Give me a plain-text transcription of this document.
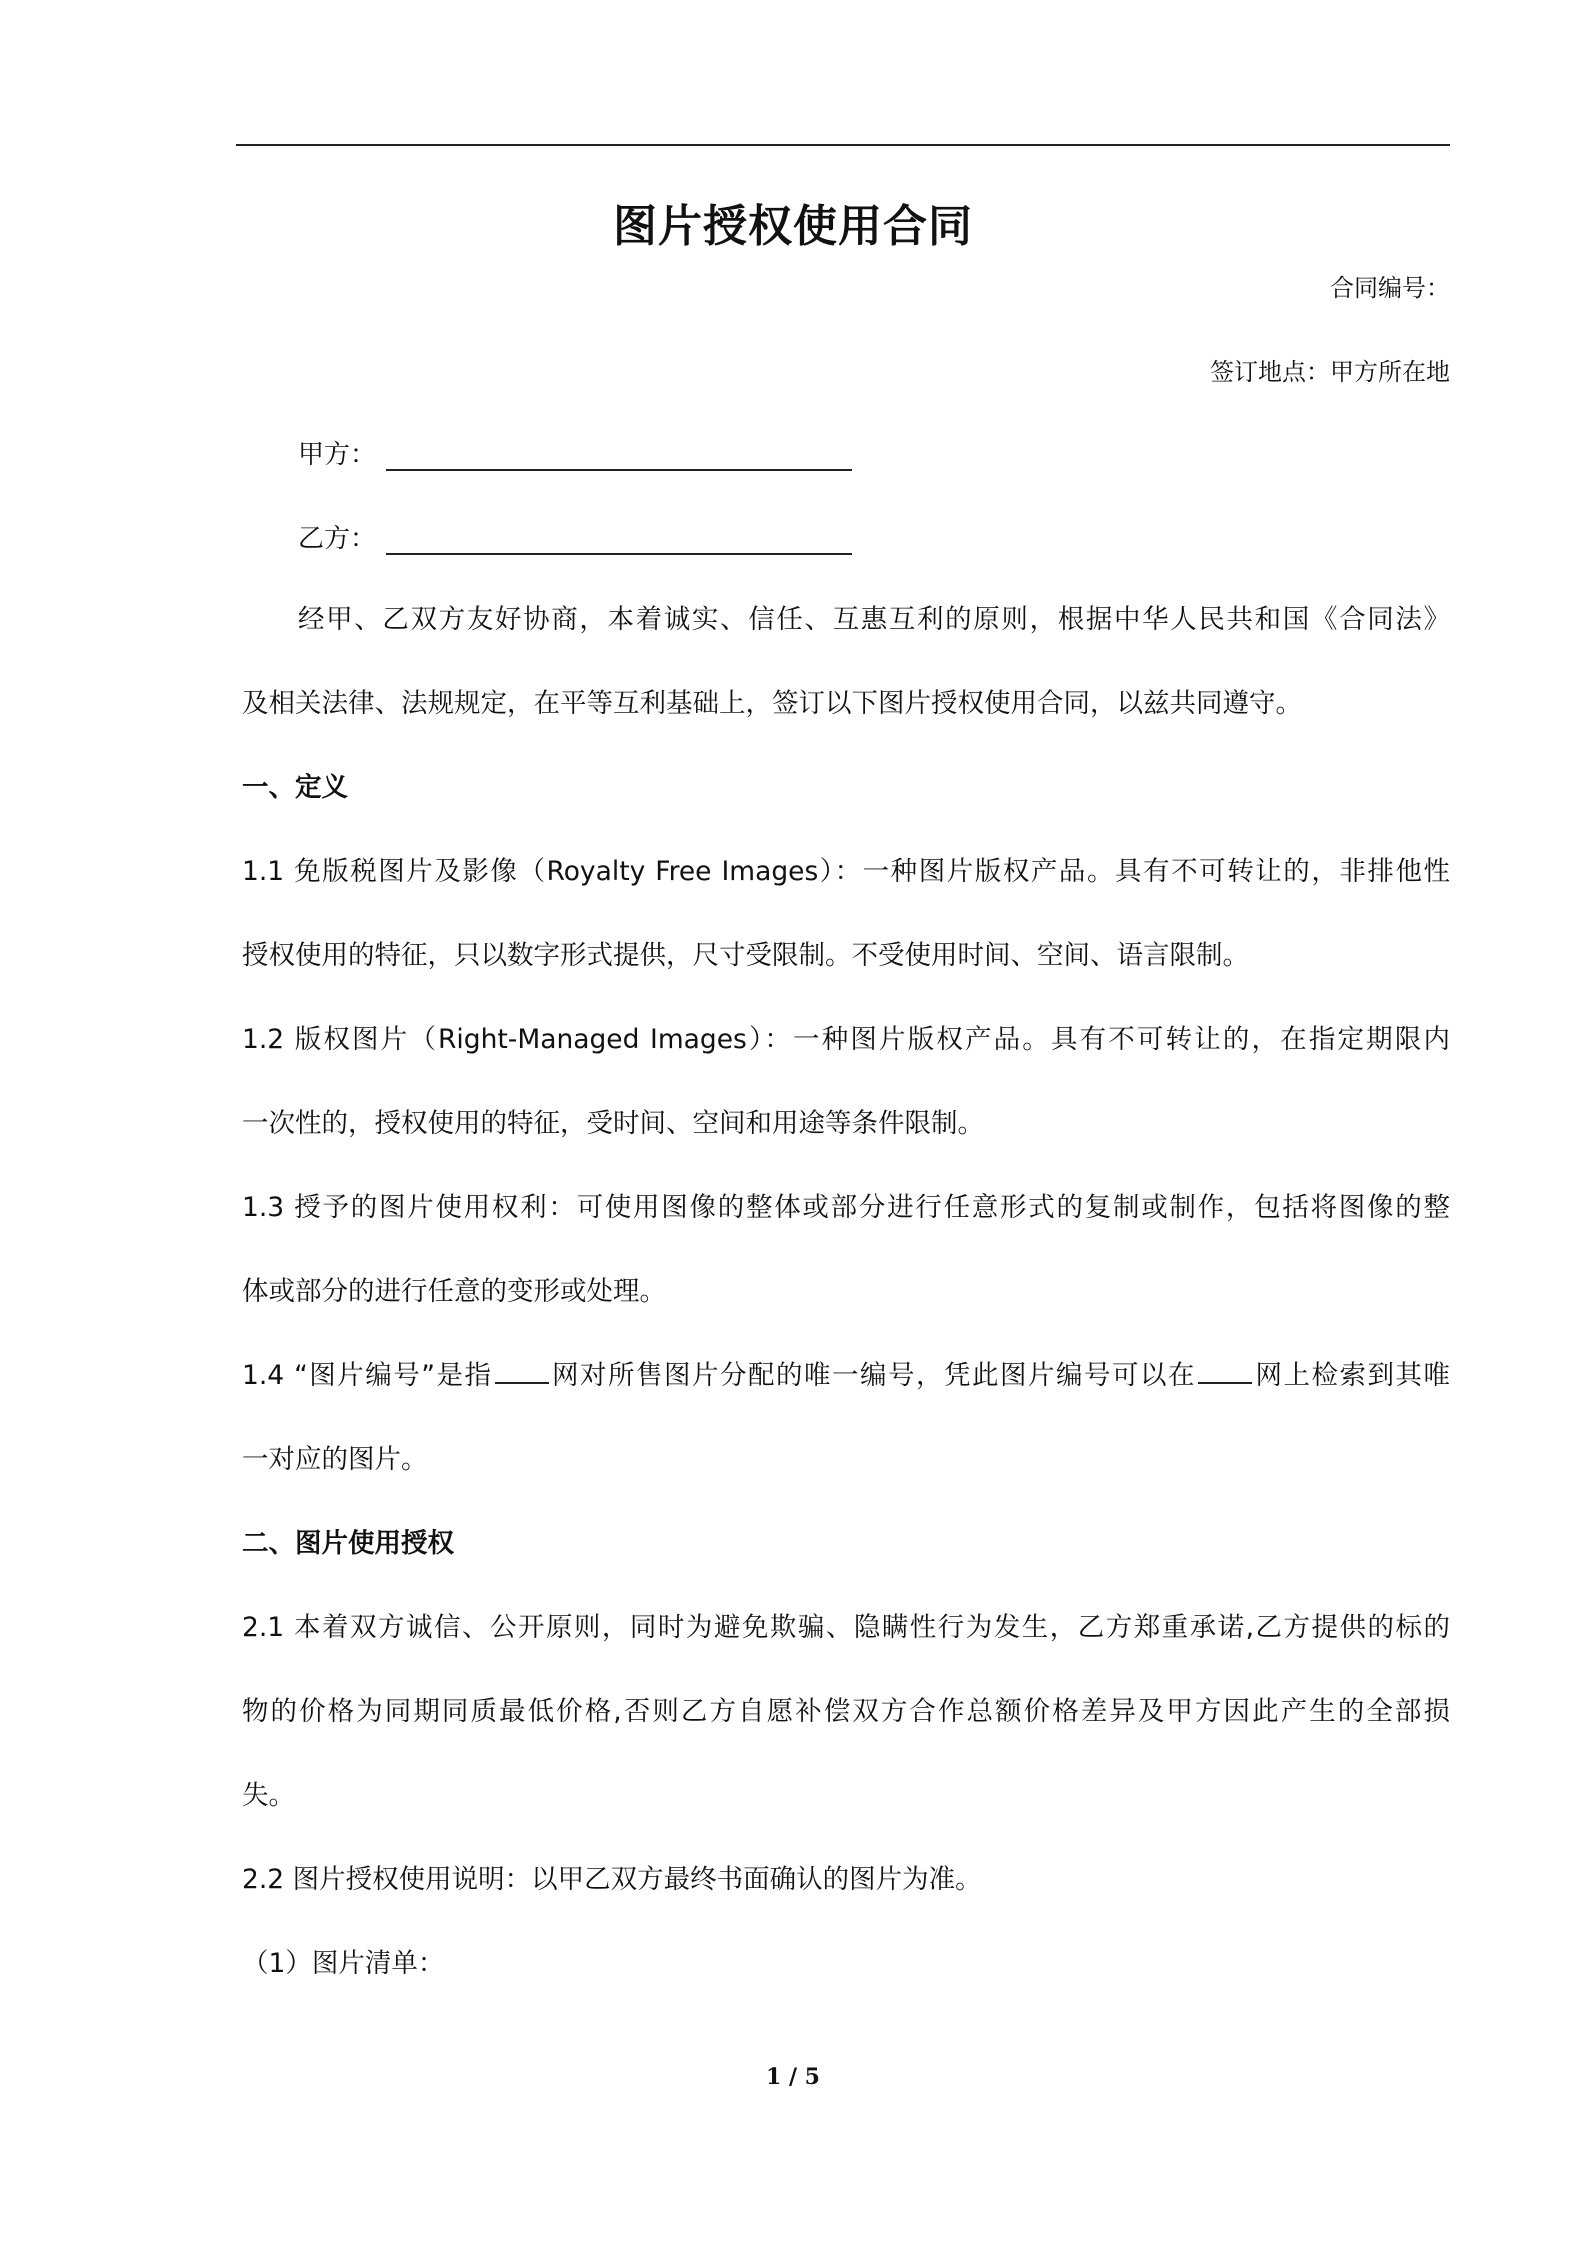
图片授权使用合同
合同编号：
签订地点：甲方所在地
甲方：
乙方：
经甲、乙双方友好协商，本着诚实、信任、互惠互利的原则，根据中华人民共和国《合同法》
及相关法律、法规规定，在平等互利基础上，签订以下图片授权使用合同，以兹共同遵守。
一、定义
1.1 免版税图片及影像（Royalty Free Images）：一种图片版权产品。具有不可转让的，非排他性
授权使用的特征，只以数字形式提供，尺寸受限制。不受使用时间、空间、语言限制。
1.2 版权图片（Right-Managed Images）：一种图片版权产品。具有不可转让的，在指定期限内
一次性的，授权使用的特征，受时间、空间和用途等条件限制。
1.3 授予的图片使用权利：可使用图像的整体或部分进行任意形式的复制或制作，包括将图像的整
体或部分的进行任意的变形或处理。
1.4 “图片编号”是指 网对所售图片分配的唯一编号，凭此图片编号可以在 网上检索到其唯
一对应的图片。
二、图片使用授权
2.1 本着双方诚信、公开原则，同时为避免欺骗、隐瞒性行为发生，乙方郑重承诺,乙方提供的标的
物的价格为同期同质最低价格,否则乙方自愿补偿双方合作总额价格差异及甲方因此产生的全部损
失。
2.2 图片授权使用说明：以甲乙双方最终书面确认的图片为准。
（1）图片清单：
1 / 5
